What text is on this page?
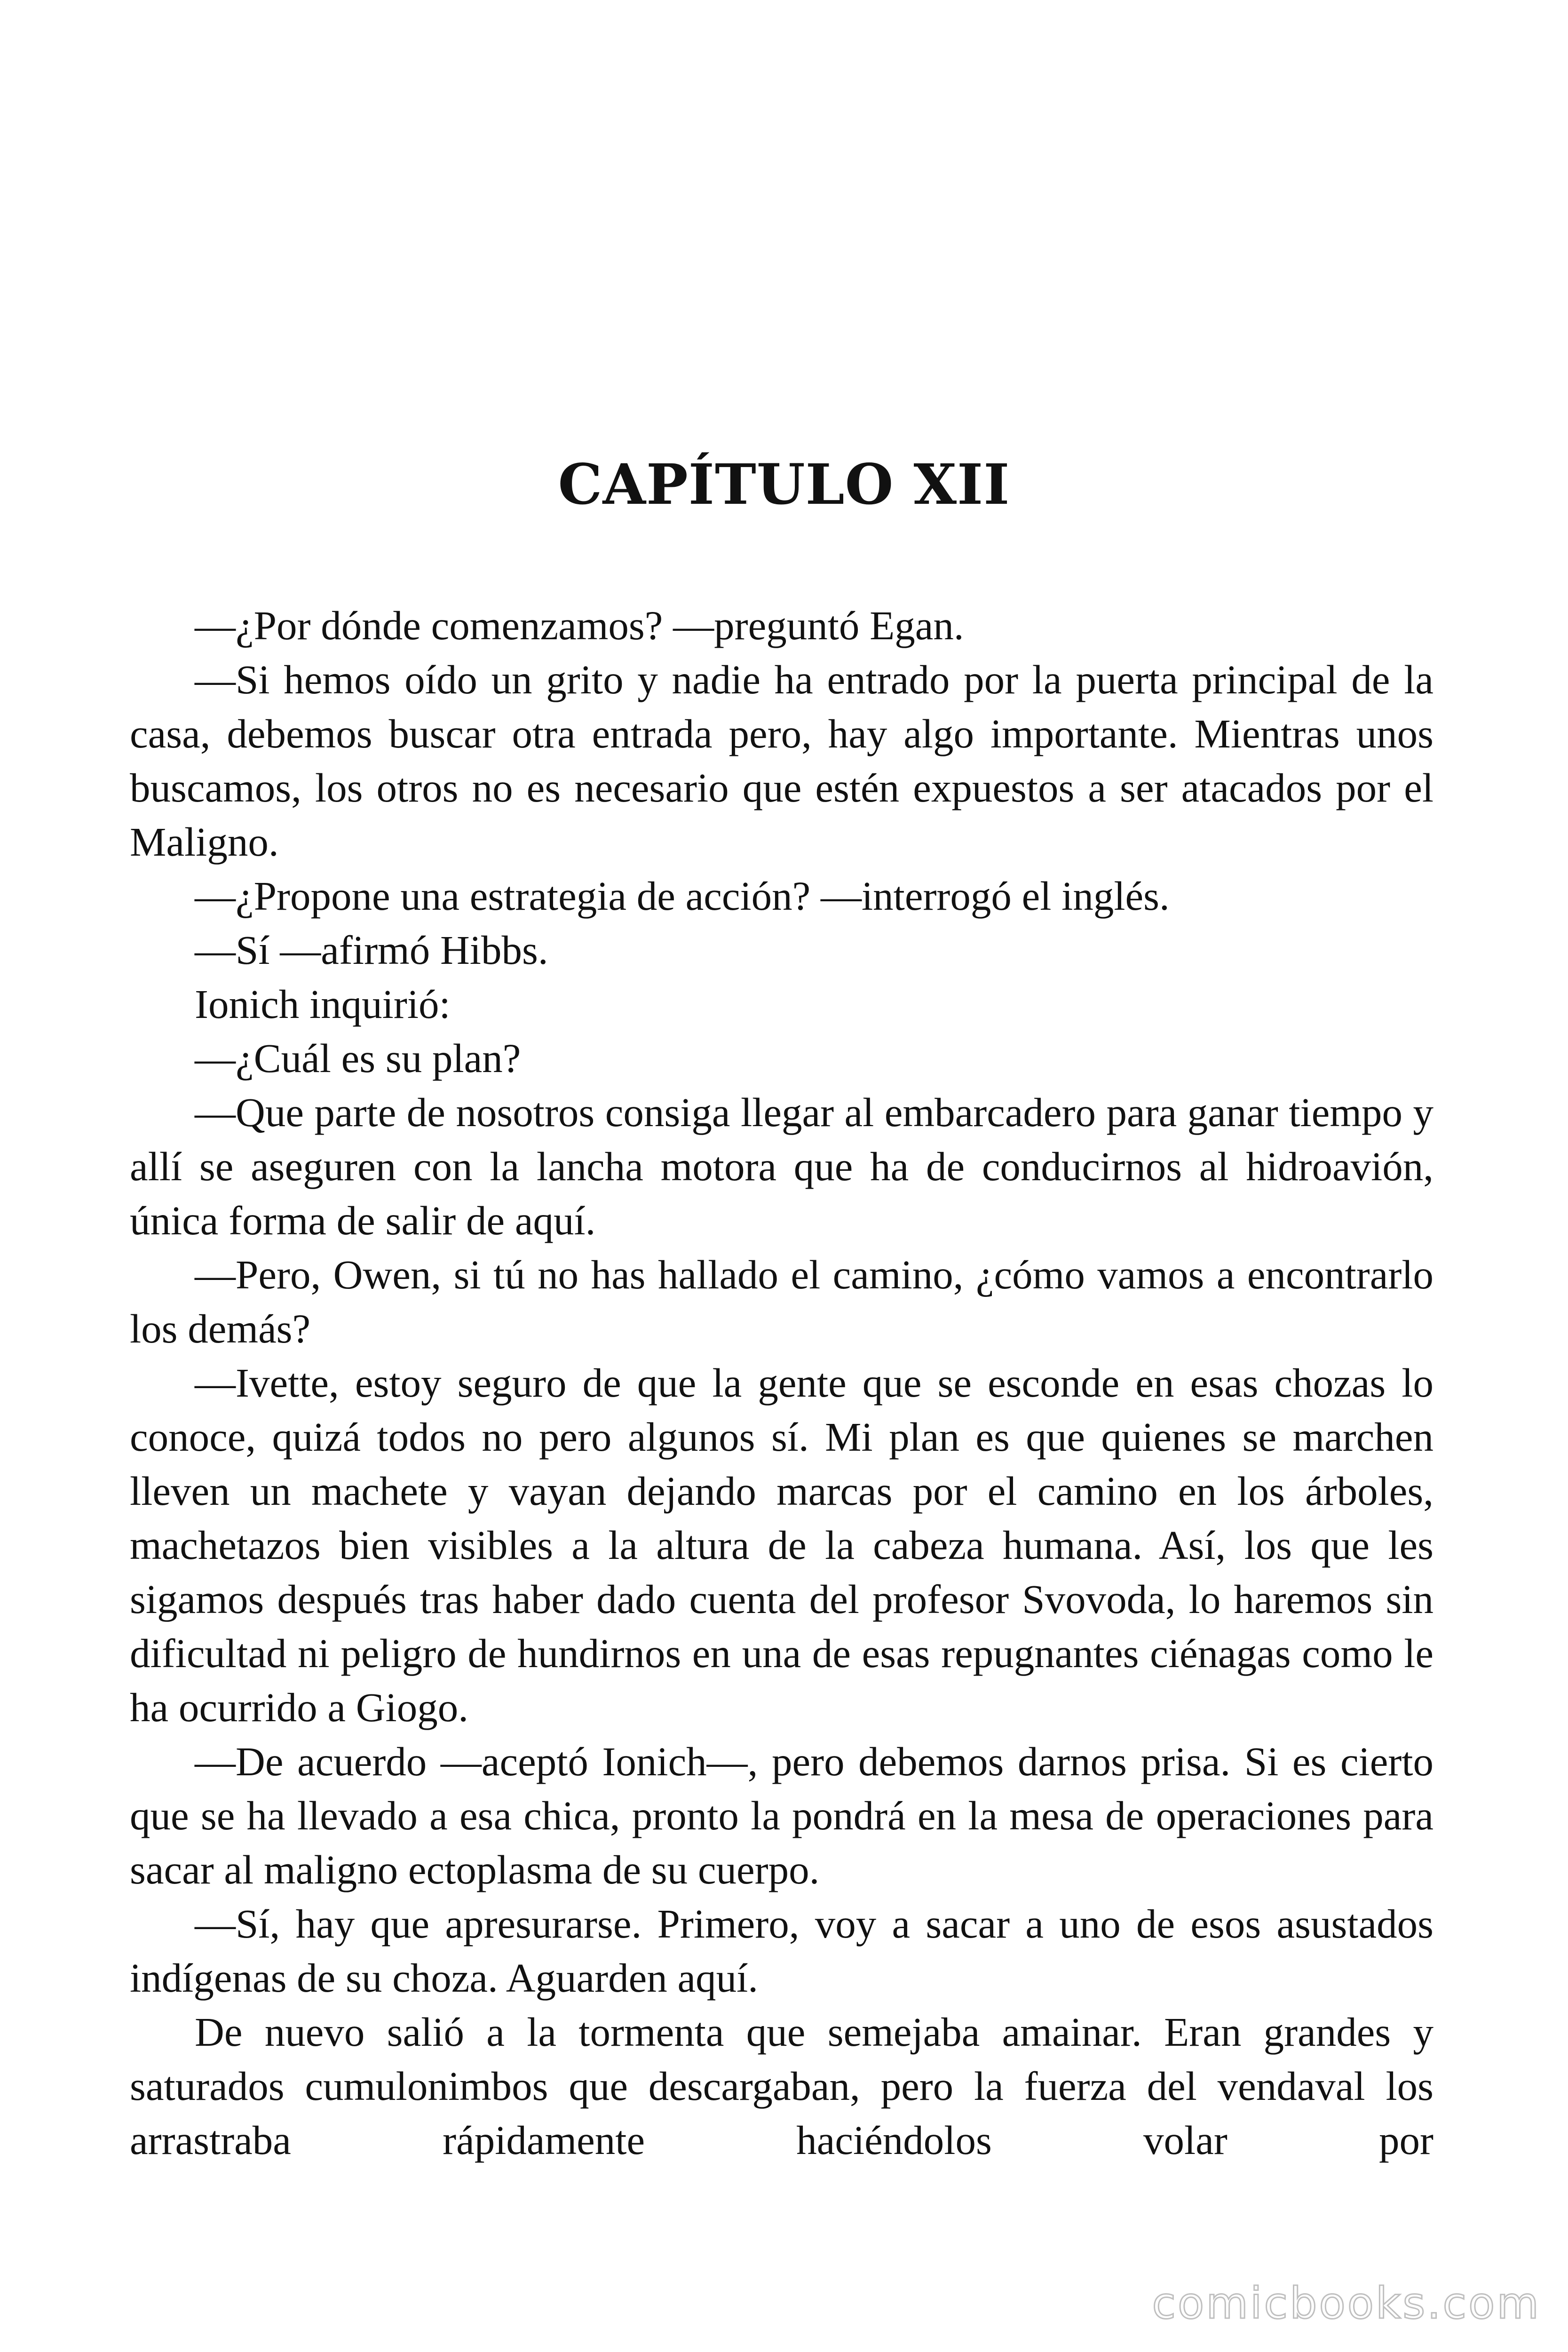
CAPÍTULO XII

—¿Por dónde comenzamos? —preguntó Egan.

—Si hemos oído un grito y nadie ha entrado por la puerta principal de la casa, debemos buscar otra entrada pero, hay algo importante. Mientras unos buscamos, los otros no es necesario que estén expuestos a ser atacados por el Maligno.

—¿Propone una estrategia de acción? —interrogó el inglés.

—Sí —afirmó Hibbs.

Ionich inquirió:

—¿Cuál es su plan?

—Que parte de nosotros consiga llegar al embarcadero para ganar tiempo y allí se aseguren con la lancha motora que ha de conducirnos al hidroavión, única forma de salir de aquí.

—Pero, Owen, si tú no has hallado el camino, ¿cómo vamos a encontrarlo los demás?

—Ivette, estoy seguro de que la gente que se esconde en esas chozas lo conoce, quizá todos no pero algunos sí. Mi plan es que quienes se marchen lleven un machete y vayan dejando marcas por el camino en los árboles, machetazos bien visibles a la altura de la cabeza humana. Así, los que les sigamos después tras haber dado cuenta del profesor Svovoda, lo haremos sin dificultad ni peligro de hundirnos en una de esas repugnantes ciénagas como le ha ocurrido a Giogo.

—De acuerdo —aceptó Ionich—, pero debemos darnos prisa. Si es cierto que se ha llevado a esa chica, pronto la pondrá en la mesa de operaciones para sacar al maligno ectoplasma de su cuerpo.

—Sí, hay que apresurarse. Primero, voy a sacar a uno de esos asustados indígenas de su choza. Aguarden aquí.

De nuevo salió a la tormenta que semejaba amainar. Eran grandes y saturados cumulonimbos que descargaban, pero la fuerza del vendaval los arrastraba rápidamente haciéndolos volar por

comicbooks.com
